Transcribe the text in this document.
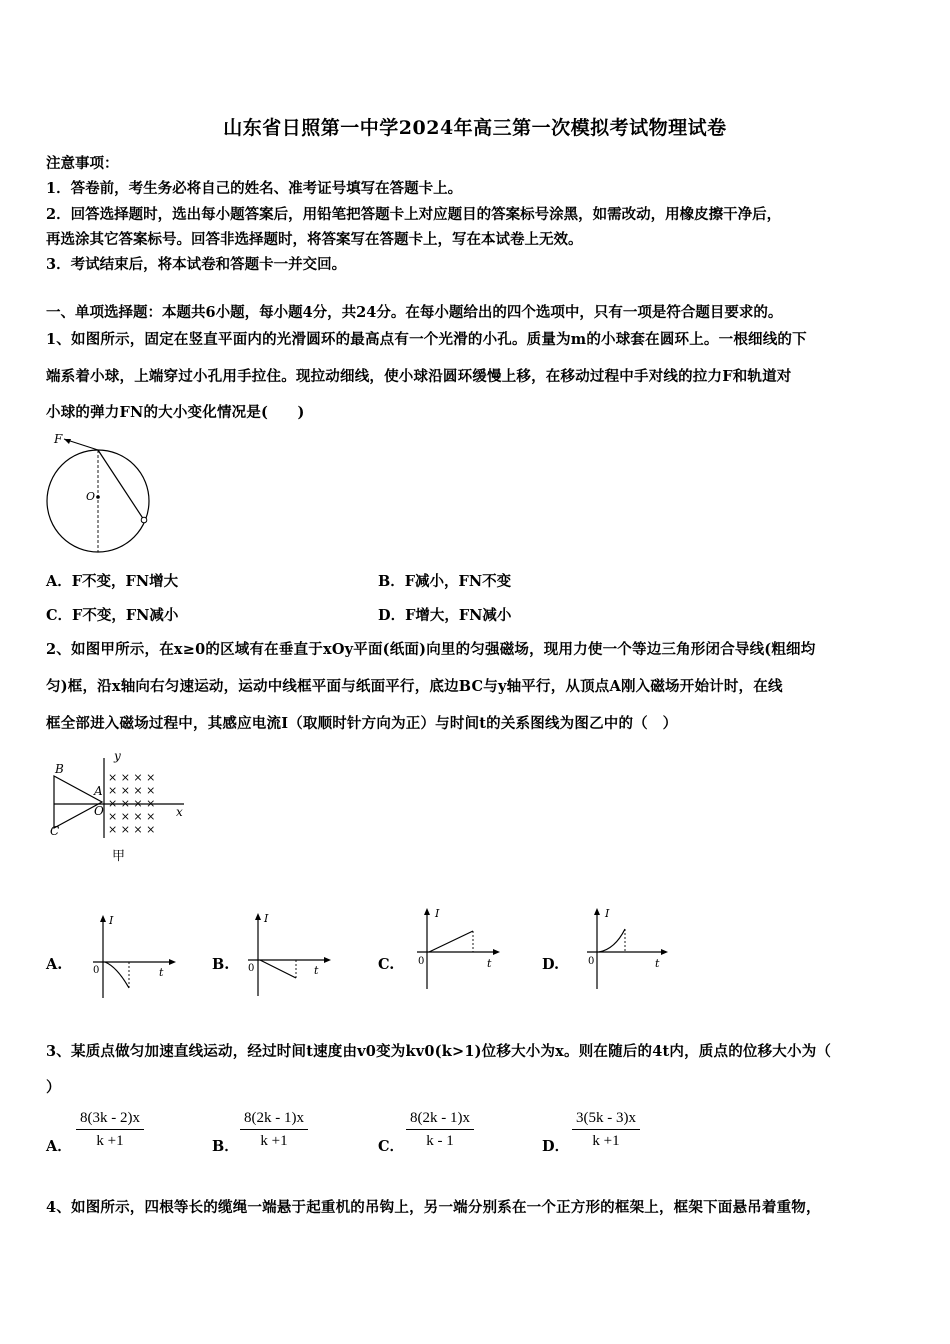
山东省日照第一中学2024年高三第一次模拟考试物理试卷
注意事项：
1．答卷前，考生务必将自己的姓名、准考证号填写在答题卡上。
2．回答选择题时，选出每小题答案后，用铅笔把答题卡上对应题目的答案标号涂黑，如需改动，用橡皮擦干净后，
再选涂其它答案标号。回答非选择题时，将答案写在答题卡上，写在本试卷上无效。
3．考试结束后，将本试卷和答题卡一并交回。
一、单项选择题：本题共6小题，每小题4分，共24分。在每小题给出的四个选项中，只有一项是符合题目要求的。
1、如图所示，固定在竖直平面内的光滑圆环的最高点有一个光滑的小孔。质量为m的小球套在圆环上。一根细线的下
端系着小球，上端穿过小孔用手拉住。现拉动细线，使小球沿圆环缓慢上移，在移动过程中手对线的拉力F和轨道对
小球的弹力FN的大小变化情况是(　　)
F
O
A．F不变，FN增大	B．F减小，FN不变
C．F不变，FN减小	D．F增大，FN减小
2、如图甲所示，在x≥0的区域有在垂直于xOy平面(纸面)向里的匀强磁场，现用力使一个等边三角形闭合导线(粗细均
匀)框，沿x轴向右匀速运动，运动中线框平面与纸面平行，底边BC与y轴平行，从顶点A刚入磁场开始计时，在线
框全部进入磁场过程中，其感应电流I（取顺时针方向为正）与时间t的关系图线为图乙中的（　）
× × × ×
× × × ×
× × × ×
× × × ×
× × × ×
B
A
C
O	x
y
甲
A.
I
t
0	B.
I
t
0	C.
I
t
0	D.
I
t
0
3、某质点做匀加速直线运动，经过时间t速度由v0变为kv0(k>1)位移大小为x。则在随后的4t内，质点的位移大小为（
）
A． $\frac{8(3k - 2)x}{k +1}$	B． $\frac{8(2k - 1)x}{k +1}$	C． $\frac{8(2k - 1)x}{k - 1}$	D． $\frac{3(5k - 3)x}{k +1}$
4、如图所示，四根等长的缆绳一端悬于起重机的吊钩上，另一端分别系在一个正方形的框架上，框架下面悬吊着重物，
